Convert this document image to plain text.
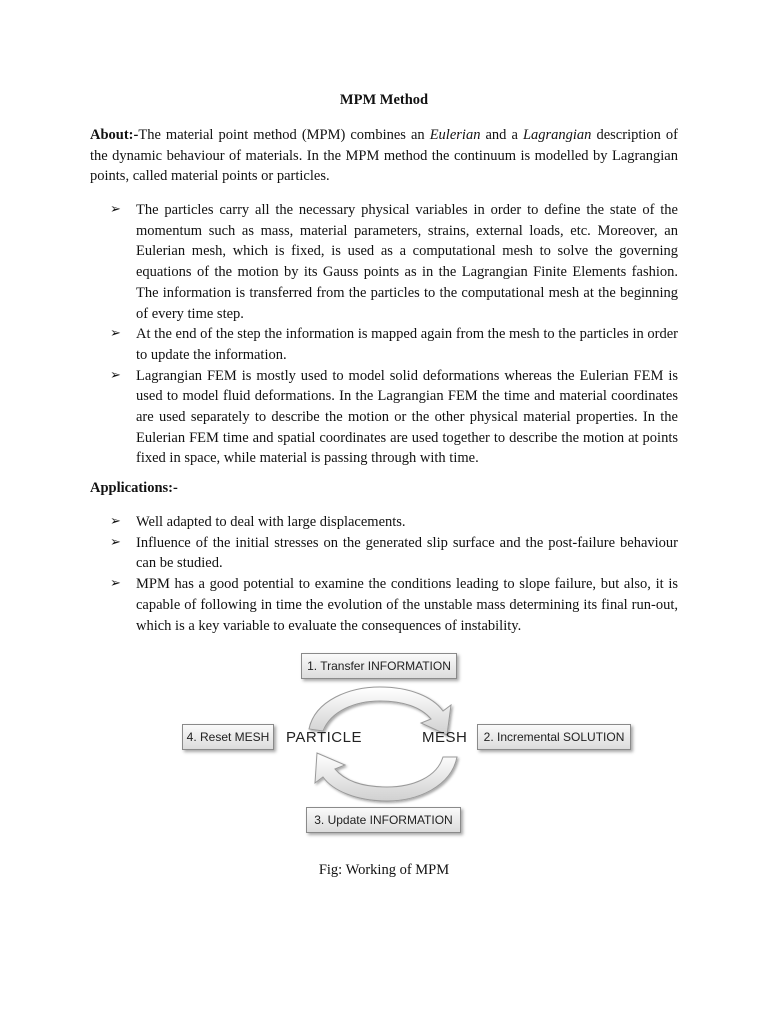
MPM Method

About:-The material point method (MPM) combines an Eulerian and a Lagrangian description of the dynamic behaviour of materials. In the MPM method the continuum is modelled by Lagrangian points, called material points or particles.

➢ The particles carry all the necessary physical variables in order to define the state of the momentum such as mass, material parameters, strains, external loads, etc. Moreover, an Eulerian mesh, which is fixed, is used as a computational mesh to solve the governing equations of the motion by its Gauss points as in the Lagrangian Finite Elements fashion. The information is transferred from the particles to the computational mesh at the beginning of every time step.
➢ At the end of the step the information is mapped again from the mesh to the particles in order to update the information.
➢ Lagrangian FEM is mostly used to model solid deformations whereas the Eulerian FEM is used to model fluid deformations. In the Lagrangian FEM the time and material coordinates are used separately to describe the motion or the other physical material properties. In the Eulerian FEM time and spatial coordinates are used together to describe the motion at points fixed in space, while material is passing through with time.
Applications:-
➢ Well adapted to deal with large displacements.
➢ Influence of the initial stresses on the generated slip surface and the post-failure behaviour can be studied.
➢ MPM has a good potential to examine the conditions leading to slope failure, but also, it is capable of following in time the evolution of the unstable mass determining its final run-out, which is a key variable to evaluate the consequences of instability.
1. Transfer INFORMATION
2. Incremental SOLUTION
3. Update INFORMATION
4. Reset MESH	PARTICLE	MESH
Fig: Working of MPM
